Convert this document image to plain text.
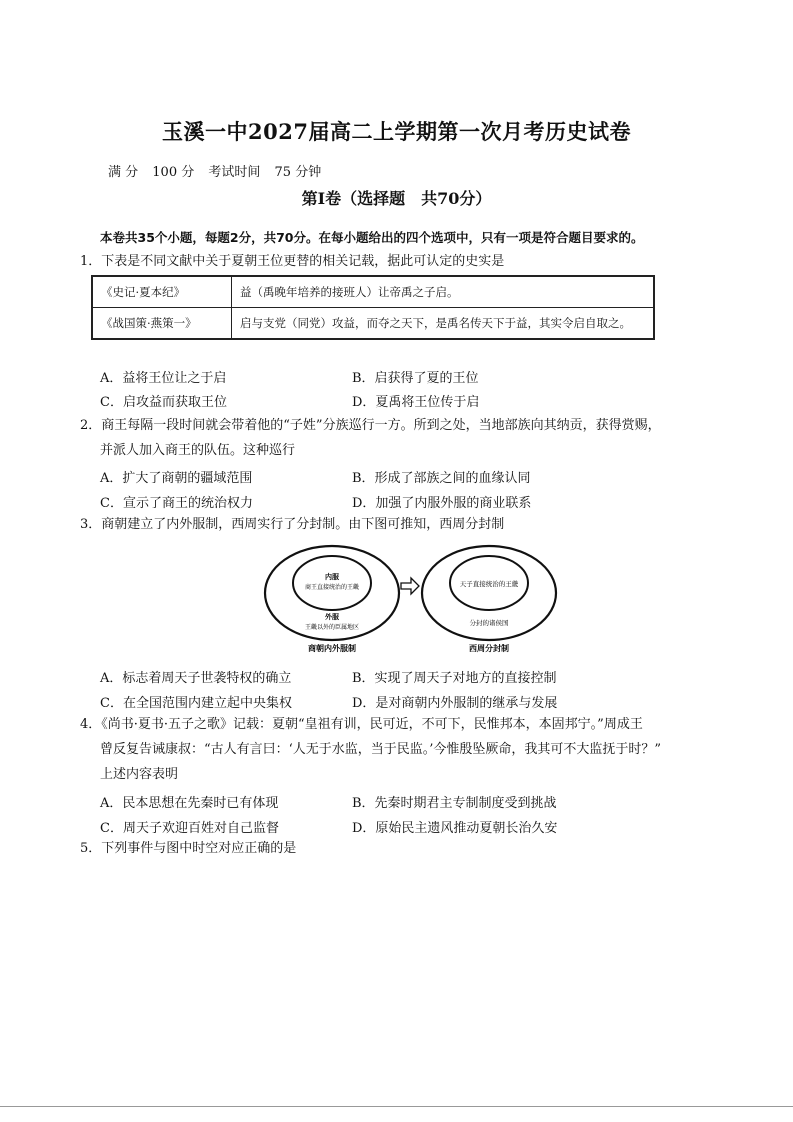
玉溪一中2027届高二上学期第一次月考历史试卷
满 分 100 分 考试时间 75 分钟
第Ⅰ卷（选择题　共70分）
本卷共35个小题，每题2分，共70分。在每小题给出的四个选项中，只有一项是符合题目要求的。
1．下表是不同文献中关于夏朝王位更替的相关记载，据此可认定的史实是
《史记·夏本纪》	益（禹晚年培养的接班人）让帝禹之子启。
《战国策·燕策一》	启与支党（同党）攻益，而夺之天下，是禹名传天下于益，其实令启自取之。
A．益将王位让之于启	B．启获得了夏的王位
C．启攻益而获取王位	D．夏禹将王位传于启
2．商王每隔一段时间就会带着他的“子姓”分族巡行一方。所到之处，当地部族向其纳贡，获得赏赐，
并派人加入商王的队伍。这种巡行
A．扩大了商朝的疆域范围	B．形成了部族之间的血缘认同
C．宣示了商王的统治权力	D．加强了内服外服的商业联系
3．商朝建立了内外服制，西周实行了分封制。由下图可推知，西周分封制
内服
商王直接统治的王畿
外服
王畿以外的臣属地区
商朝内外服制
天子直接统治的王畿
分封的诸侯国
西周分封制
A．标志着周天子世袭特权的确立	B．实现了周天子对地方的直接控制
C．在全国范围内建立起中央集权	D．是对商朝内外服制的继承与发展
4．《尚书·夏书·五子之歌》记载：夏朝“皇祖有训，民可近，不可下，民惟邦本，本固邦宁。”周成王
曾反复告诫康叔：“古人有言曰：‘人无于水监，当于民监。’今惟殷坠厥命，我其可不大监抚于时？”
上述内容表明
A．民本思想在先秦时已有体现	B．先秦时期君主专制制度受到挑战
C．周天子欢迎百姓对自己监督	D．原始民主遗风推动夏朝长治久安
5．下列事件与图中时空对应正确的是
